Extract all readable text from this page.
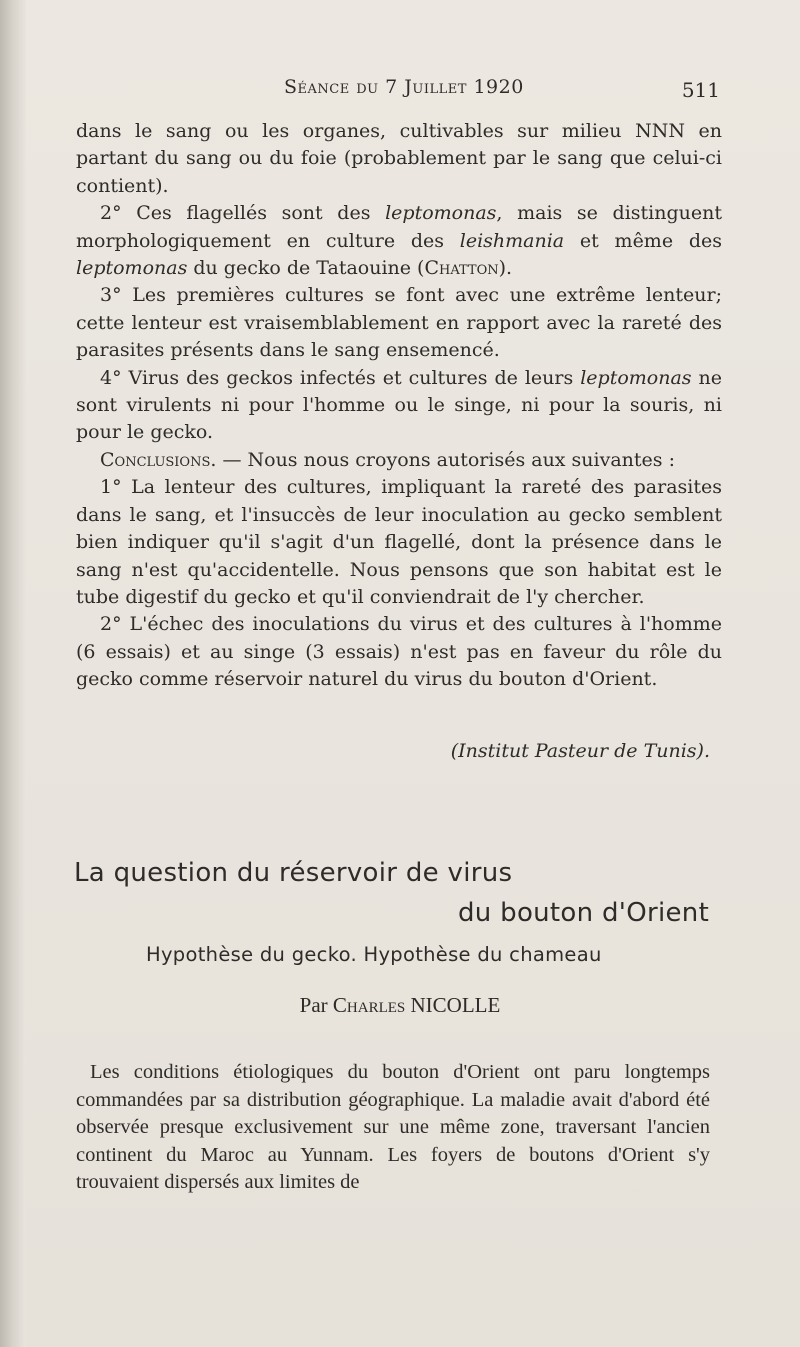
Séance du 7 Juillet 1920	511

dans le sang ou les organes, cultivables sur milieu NNN en partant du sang ou du foie (probablement par le sang que celui-ci contient).

2° Ces flagellés sont des leptomonas, mais se distinguent morphologiquement en culture des leishmania et même des leptomonas du gecko de Tataouine (Chatton).

3° Les premières cultures se font avec une extrême lenteur; cette lenteur est vraisemblablement en rapport avec la rareté des parasites présents dans le sang ensemencé.

4° Virus des geckos infectés et cultures de leurs leptomonas ne sont virulents ni pour l'homme ou le singe, ni pour la souris, ni pour le gecko.

Conclusions. — Nous nous croyons autorisés aux suivantes :

1° La lenteur des cultures, impliquant la rareté des parasites dans le sang, et l'insuccès de leur inoculation au gecko semblent bien indiquer qu'il s'agit d'un flagellé, dont la présence dans le sang n'est qu'accidentelle. Nous pensons que son habitat est le tube digestif du gecko et qu'il conviendrait de l'y chercher.

2° L'échec des inoculations du virus et des cultures à l'homme (6 essais) et au singe (3 essais) n'est pas en faveur du rôle du gecko comme réservoir naturel du virus du bouton d'Orient.

(Institut Pasteur de Tunis).
La question du réservoir de virus
du bouton d'Orient
Hypothèse du gecko. Hypothèse du chameau
Par Charles NICOLLE

Les conditions étiologiques du bouton d'Orient ont paru longtemps commandées par sa distribution géographique. La maladie avait d'abord été observée presque exclusivement sur une même zone, traversant l'ancien continent du Maroc au Yunnam. Les foyers de boutons d'Orient s'y trouvaient dispersés aux limites de
